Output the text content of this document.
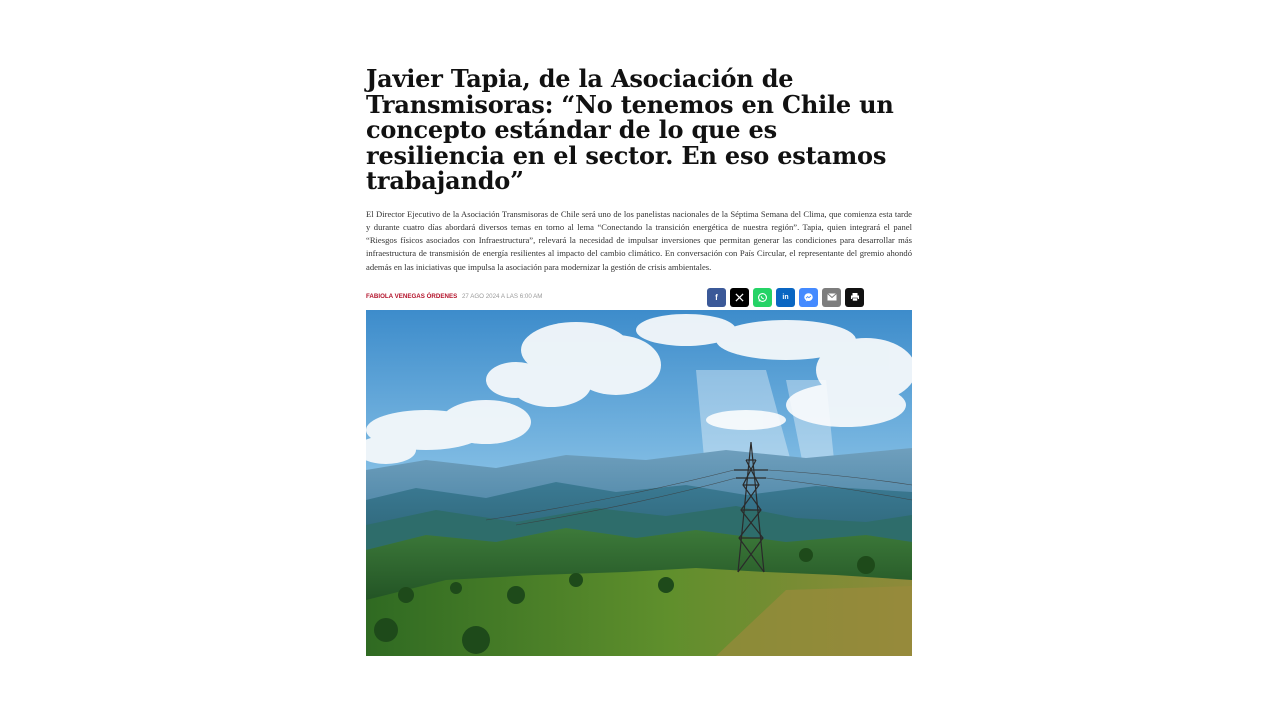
Javier Tapia, de la Asociación de Transmisoras: “No tenemos en Chile un concepto estándar de lo que es resiliencia en el sector. En eso estamos trabajando”

El Director Ejecutivo de la Asociación Transmisoras de Chile será uno de los panelistas nacionales de la Séptima Semana del Clima, que comienza esta tarde y durante cuatro días abordará diversos temas en torno al lema “Conectando la transición energética de nuestra región”. Tapia, quien integrará el panel “Riesgos físicos asociados con Infraestructura”, relevará la necesidad de impulsar inversiones que permitan generar las condiciones para desarrollar más infraestructura de transmisión de energía resilientes al impacto del cambio climático. En conversación con País Circular, el representante del gremio ahondó además en las iniciativas que impulsa la asociación para modernizar la gestión de crisis ambientales.

FABIOLA VENEGAS ÓRDENES 27 AGO 2024 A LAS 6:00 AM	f	in
